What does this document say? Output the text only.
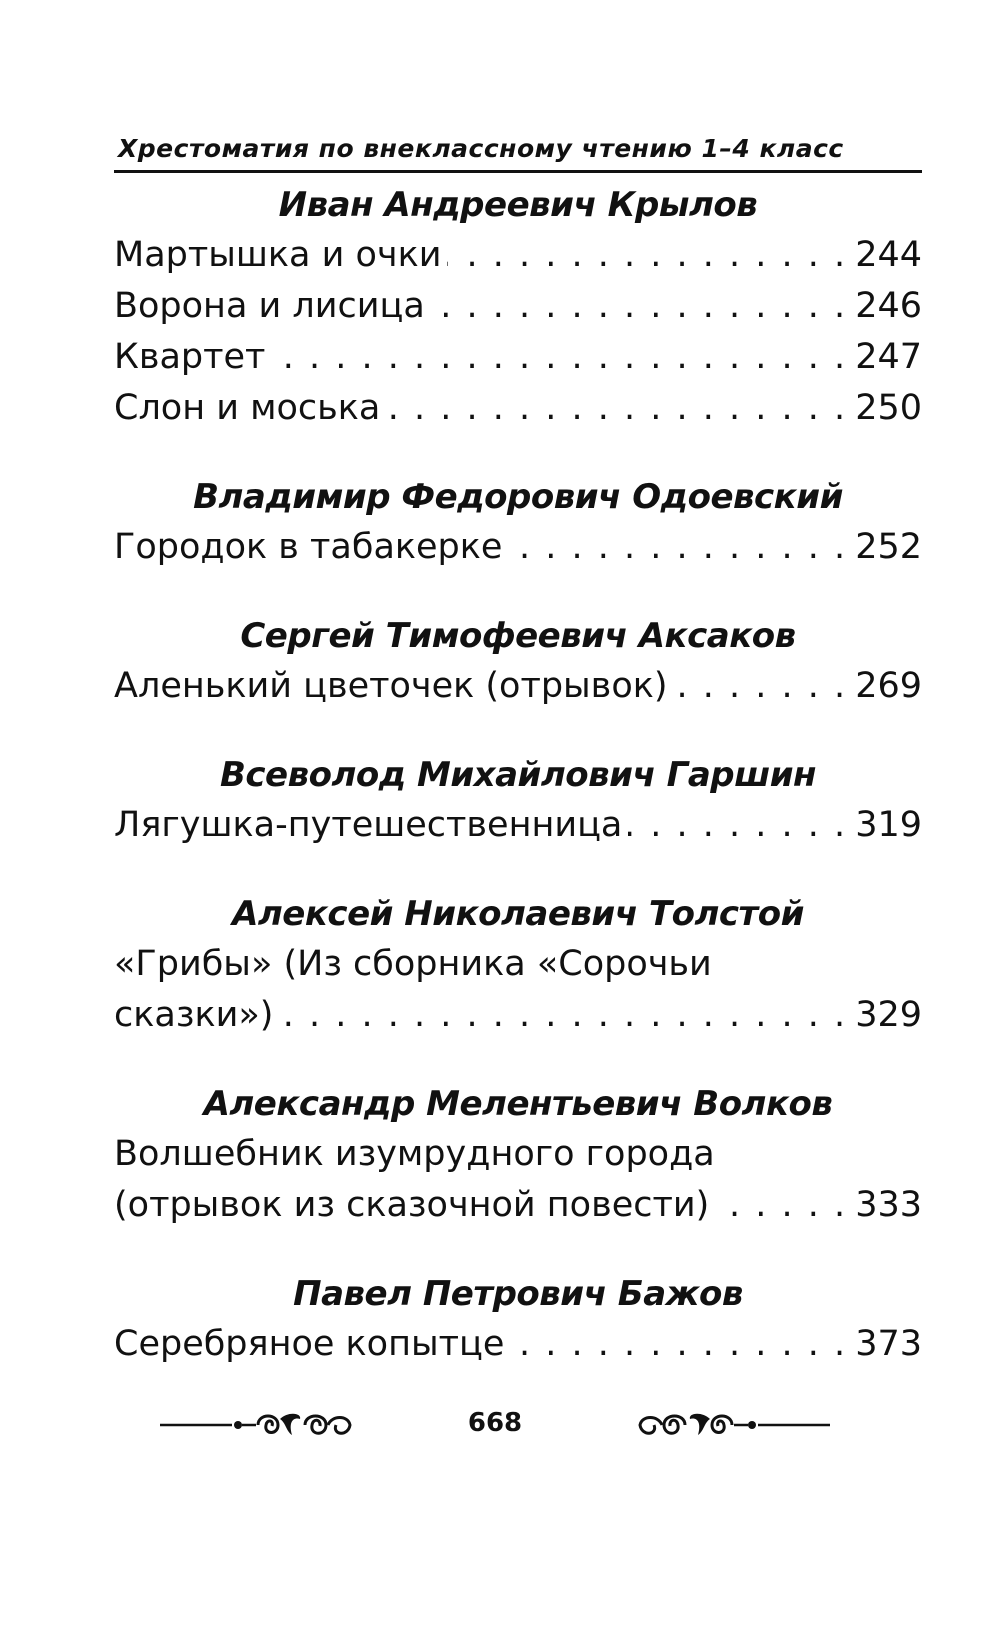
Хрестоматия по внеклассному чтению 1–4 класс
Иван Андреевич Крылов
Мартышка и очки . . .	244
Ворона и лисица . . .	246
Квартет . . .	247
Слон и моська . . .	250
Владимир Федорович Одоевский
Городок в табакерке . . .	252
Сергей Тимофеевич Аксаков
Аленький цветочек (отрывок) . . .	269
Всеволод Михайлович Гаршин
Лягушка-путешественница . . .	319
Алексей Николаевич Толстой
«Грибы» (Из сборника «Сорочьи
сказки») . . .	329
Александр Мелентьевич Волков
Волшебник изумрудного города
(отрывок из сказочной повести) . . .	333
Павел Петрович Бажов
Серебряное копытце . . .	373
668
